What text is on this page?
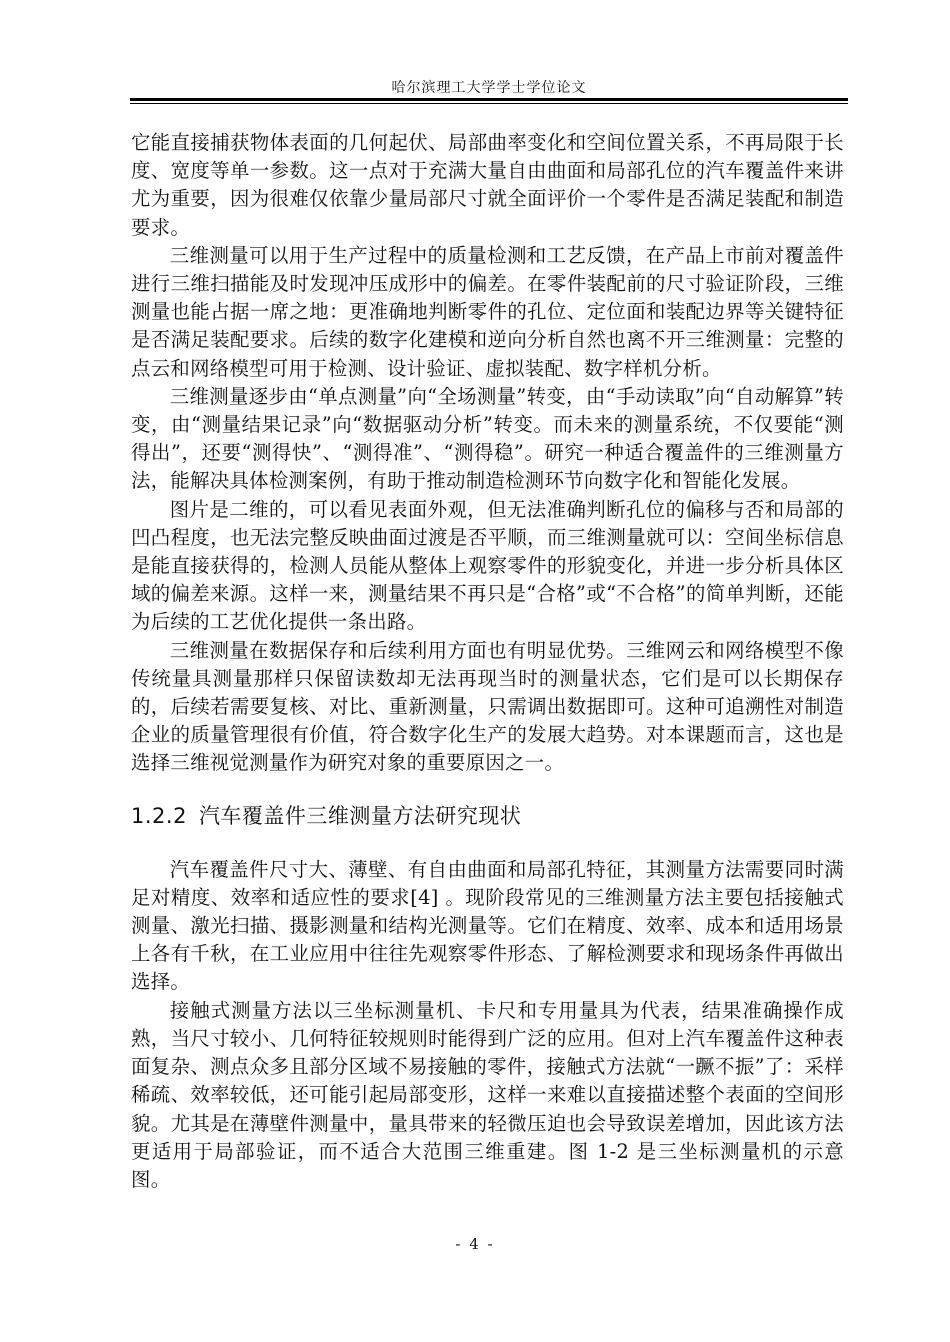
哈尔滨理工大学学士学位论文

它能直接捕获物体表面的几何起伏、局部曲率变化和空间位置关系，不再局限于长度、宽度等单一参数。这一点对于充满大量自由曲面和局部孔位的汽车覆盖件来讲尤为重要，因为很难仅依靠少量局部尺寸就全面评价一个零件是否满足装配和制造要求。

三维测量可以用于生产过程中的质量检测和工艺反馈，在产品上市前对覆盖件进行三维扫描能及时发现冲压成形中的偏差。在零件装配前的尺寸验证阶段，三维测量也能占据一席之地：更准确地判断零件的孔位、定位面和装配边界等关键特征是否满足装配要求。后续的数字化建模和逆向分析自然也离不开三维测量：完整的点云和网络模型可用于检测、设计验证、虚拟装配、数字样机分析。

三维测量逐步由“单点测量”向“全场测量”转变，由“手动读取”向“自动解算”转变，由“测量结果记录”向“数据驱动分析”转变。而未来的测量系统，不仅要能“测得出”，还要“测得快”、“测得准”、“测得稳”。研究一种适合覆盖件的三维测量方法，能解决具体检测案例，有助于推动制造检测环节向数字化和智能化发展。

图片是二维的，可以看见表面外观，但无法准确判断孔位的偏移与否和局部的凹凸程度，也无法完整反映曲面过渡是否平顺，而三维测量就可以：空间坐标信息是能直接获得的，检测人员能从整体上观察零件的形貌变化，并进一步分析具体区域的偏差来源。这样一来，测量结果不再只是“合格”或“不合格”的简单判断，还能为后续的工艺优化提供一条出路。

三维测量在数据保存和后续利用方面也有明显优势。三维网云和网络模型不像传统量具测量那样只保留读数却无法再现当时的测量状态，它们是可以长期保存的，后续若需要复核、对比、重新测量，只需调出数据即可。这种可追溯性对制造企业的质量管理很有价值，符合数字化生产的发展大趋势。对本课题而言，这也是选择三维视觉测量作为研究对象的重要原因之一。

1.2.2 汽车覆盖件三维测量方法研究现状

汽车覆盖件尺寸大、薄壁、有自由曲面和局部孔特征，其测量方法需要同时满足对精度、效率和适应性的要求[4] 。现阶段常见的三维测量方法主要包括接触式测量、激光扫描、摄影测量和结构光测量等。它们在精度、效率、成本和适用场景上各有千秋，在工业应用中往往先观察零件形态、了解检测要求和现场条件再做出选择。

接触式测量方法以三坐标测量机、卡尺和专用量具为代表，结果准确操作成熟，当尺寸较小、几何特征较规则时能得到广泛的应用。但对上汽车覆盖件这种表面复杂、测点众多且部分区域不易接触的零件，接触式方法就“一蹶不振”了：采样稀疏、效率较低，还可能引起局部变形，这样一来难以直接描述整个表面的空间形貌。尤其是在薄壁件测量中，量具带来的轻微压迫也会导致误差增加，因此该方法更适用于局部验证，而不适合大范围三维重建。图 1-2 是三坐标测量机的示意图。

- 4 -
